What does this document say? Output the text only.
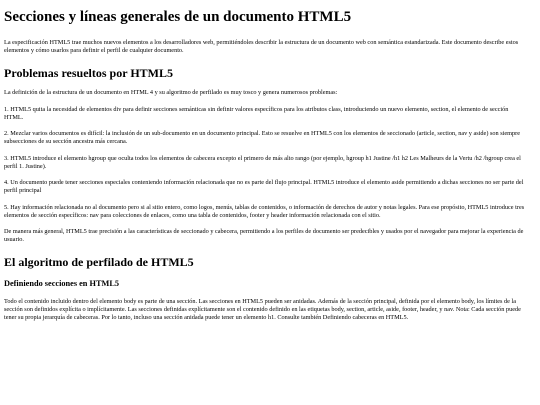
Secciones y líneas generales de un documento HTML5

La especificación HTML5 trae muchos nuevos elementos a los desarrolladores web, permitiéndoles describir la estructura de un documento web con semántica estandarizada. Este documento describe estos elementos y cómo usarlos para definir el perfil de cualquier documento.

Problemas resueltos por HTML5

La definición de la estructura de un documento en HTML 4 y su algoritmo de perfilado es muy tosco y genera numerosos problemas:

1. HTML5 quita la necesidad de elementos div para definir secciones semánticas sin definir valores específicos para los atributos class, introduciendo un nuevo elemento, section, el elemento de sección HTML.

2. Mezclar varios documentos es difícil: la inclusión de un sub-documento en un documento principal. Esto se resuelve en HTML5 con los elementos de seccionado (article, section, nav y aside) son siempre subsecciones de su sección ancestra más cercana.

3. HTML5 introduce el elemento hgroup que oculta todos los elementos de cabecera excepto el primero de más alto rango (por ejemplo, hgroup h1 Justine /h1 h2 Les Malheurs de la Vertu /h2 /hgroup crea el perfil 1. Justine).

4. Un documento puede tener secciones especiales conteniendo información relacionada que no es parte del flujo principal. HTML5 introduce el elemento aside permitiendo a dichas secciones no ser parte del perfil principal

5. Hay información relacionada no al documento pero si al sitio entero, como logos, menús, tablas de contenidos, o información de derechos de autor y notas legales. Para ese propósito, HTML5 introduce tres elementos de sección específicos: nav para colecciones de enlaces, como una tabla de contenidos, footer y header información relacionada con el sitio.

De manera más general, HTML5 trae precisión a las características de seccionado y cabecera, permitiendo a los perfiles de documento ser predecibles y usados por el navegador para mejorar la experiencia de usuario.

El algoritmo de perfilado de HTML5
Definiendo secciones en HTML5

Todo el contenido incluido dentro del elemento body es parte de una sección. Las secciones en HTML5 pueden ser anidadas. Además de la sección principal, definida por el elemento body, los límites de la sección son definidos explícita o implícitamente. Las secciones definidas explícitamente son el contenido definido en las etiquetas body, section, article, aside, footer, header, y nav. Nota: Cada sección puede tener su propia jerarquía de cabeceras. Por lo tanto, incluso una sección anidada puede tener un elemento h1. Consulte también Definiendo cabeceras en HTML5.
